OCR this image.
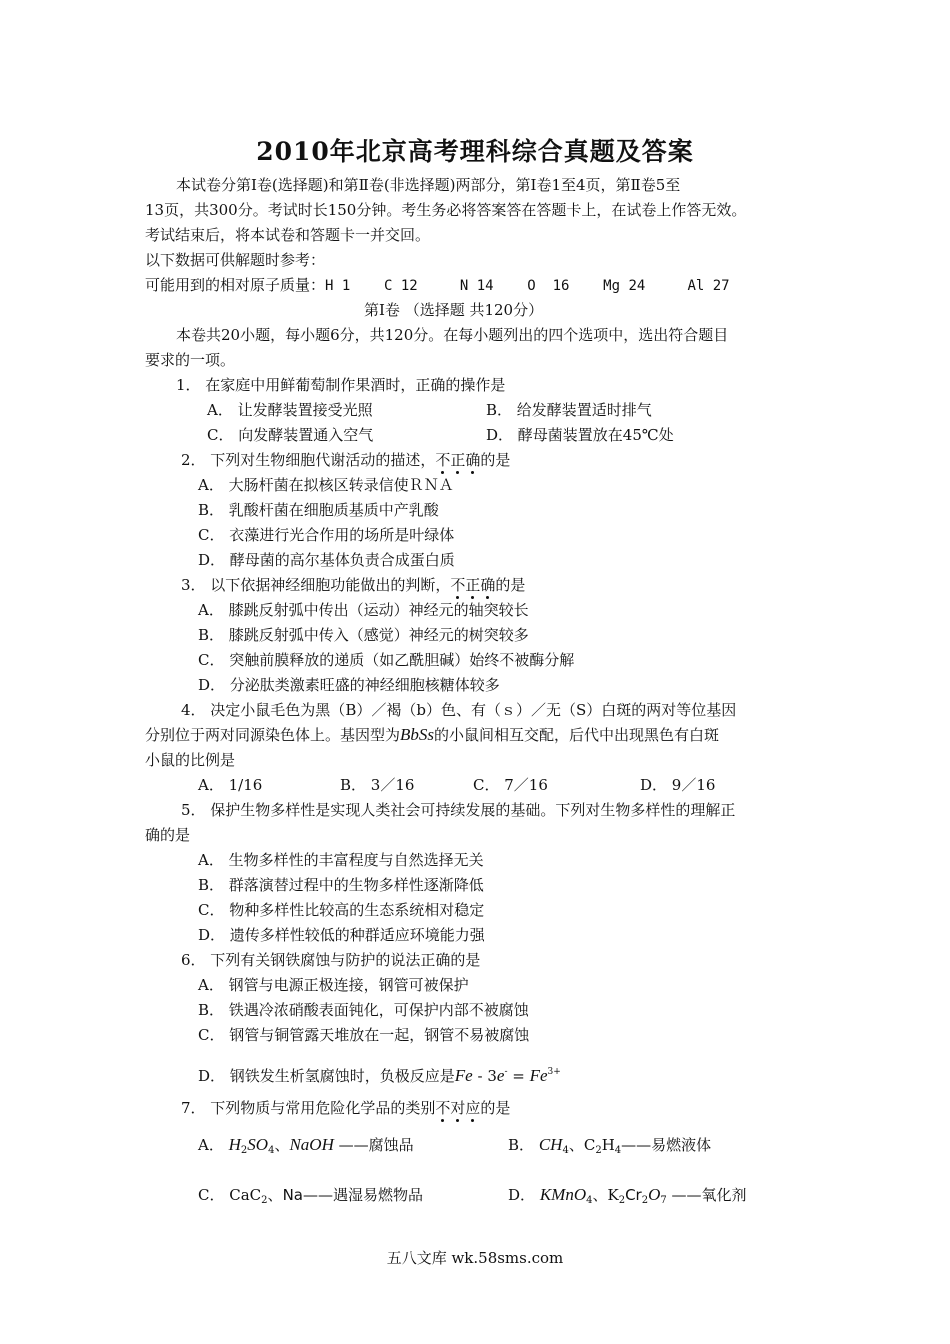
2010年北京高考理科综合真题及答案
本试卷分第Ⅰ卷(选择题)和第Ⅱ卷(非选择题)两部分，第Ⅰ卷1至4页，第Ⅱ卷5至
13页，共300分。考试时长150分钟。考生务必将答案答在答题卡上，在试卷上作答无效。
考试结束后，将本试卷和答题卡一并交回。
以下数据可供解题时参考：
可能用到的相对原子质量：H 1    C 12     N 14    O  16    Mg 24     Al 27
第Ⅰ卷 （选择题 共120分）
本卷共20小题，每小题6分，共120分。在每小题列出的四个选项中，选出符合题目
要求的一项。
1． 在家庭中用鲜葡萄制作果酒时，正确的操作是
A． 让发酵装置接受光照	B． 给发酵装置适时排气
C． 向发酵装置通入空气	D． 酵母菌装置放在45℃处
2． 下列对生物细胞代谢活动的描述，不正确的是
A． 大肠杆菌在拟核区转录信使ＲＮＡ
B． 乳酸杆菌在细胞质基质中产乳酸
C． 衣藻进行光合作用的场所是叶绿体
D． 酵母菌的高尔基体负责合成蛋白质
3． 以下依据神经细胞功能做出的判断，不正确的是
A． 膝跳反射弧中传出（运动）神经元的轴突较长
B． 膝跳反射弧中传入（感觉）神经元的树突较多
C． 突触前膜释放的递质（如乙酰胆碱）始终不被酶分解
D． 分泌肽类激素旺盛的神经细胞核糖体较多
4． 决定小鼠毛色为黑（B）／褐（b）色、有（ｓ）／无（S）白斑的两对等位基因
分别位于两对同源染色体上。基因型为BbSs的小鼠间相互交配，后代中出现黑色有白斑
小鼠的比例是
A． 1/16	B． 3／16	C． 7／16	D． 9／16
5． 保护生物多样性是实现人类社会可持续发展的基础。下列对生物多样性的理解正
确的是
A． 生物多样性的丰富程度与自然选择无关
B． 群落演替过程中的生物多样性逐渐降低
C． 物种多样性比较高的生态系统相对稳定
D． 遗传多样性较低的种群适应环境能力强
6． 下列有关钢铁腐蚀与防护的说法正确的是
A． 钢管与电源正极连接，钢管可被保护
B． 铁遇冷浓硝酸表面钝化，可保护内部不被腐蚀
C． 钢管与铜管露天堆放在一起，钢管不易被腐蚀
D． 钢铁发生析氢腐蚀时，负极反应是$Fe - 3e^- = Fe^{3+}$
7． 下列物质与常用危险化学品的类别不对应的是
A． $H_2SO_4$、NaOH ——腐蚀品	B． $CH_4$、$C_2H_4——$易燃液体
C． CaC$_2$、Na——遇湿易燃物品	D． KMnO$_4$、$K_2Cr_2O_7$ ——氧化剂
五八文库 wk.58sms.com
